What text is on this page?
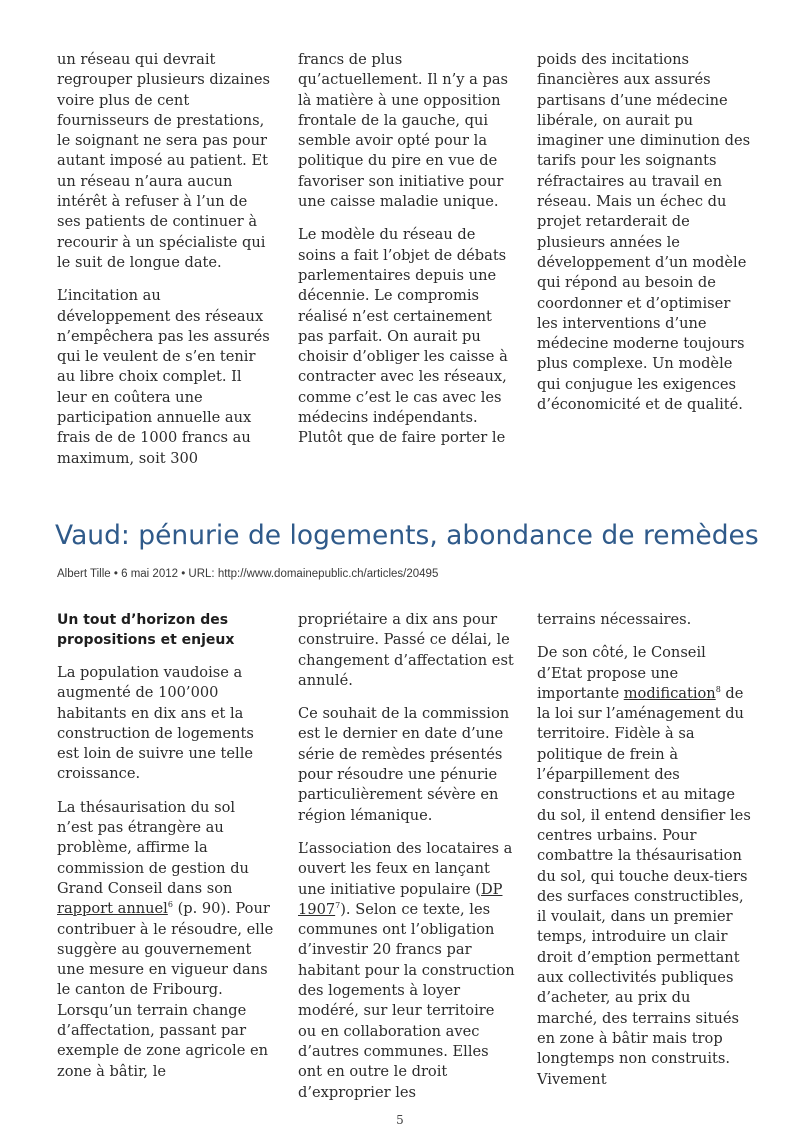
un réseau qui devrait regrouper plusieurs dizaines voire plus de cent fournisseurs de prestations, le soignant ne sera pas pour autant imposé au patient. Et un réseau n’aura aucun intérêt à refuser à l’un de ses patients de continuer à recourir à un spécialiste qui le suit de longue date.

L’incitation au développement des réseaux n’empêchera pas les assurés qui le veulent de s’en tenir au libre choix complet. Il leur en coûtera une participation annuelle aux frais de de 1000 francs au maximum, soit 300

francs de plus qu’actuellement. Il n’y a pas là matière à une opposition frontale de la gauche, qui semble avoir opté pour la politique du pire en vue de favoriser son initiative pour une caisse maladie unique.

Le modèle du réseau de soins a fait l’objet de débats parlementaires depuis une décennie. Le compromis réalisé n’est certainement pas parfait. On aurait pu choisir d’obliger les caisse à contracter avec les réseaux, comme c’est le cas avec les médecins indépendants. Plutôt que de faire porter le

poids des incitations financières aux assurés partisans d’une médecine libérale, on aurait pu imaginer une diminution des tarifs pour les soignants réfractaires au travail en réseau. Mais un échec du projet retarderait de plusieurs années le développement d’un modèle qui répond au besoin de coordonner et d’optimiser les interventions d’une médecine moderne toujours plus complexe. Un modèle qui conjugue les exigences d’économicité et de qualité.

Vaud: pénurie de logements, abondance de remèdes
Albert Tille • 6 mai 2012 • URL: http://www.domainepublic.ch/articles/20495
Un tout d’horizon des propositions et enjeux

La population vaudoise a augmenté de 100’000 habitants en dix ans et la construction de logements est loin de suivre une telle croissance.

La thésaurisation du sol n’est pas étrangère au problème, affirme la commission de gestion du Grand Conseil dans son rapport annuel$^6$ (p. 90). Pour contribuer à le résoudre, elle suggère au gouvernement une mesure en vigueur dans le canton de Fribourg. Lorsqu’un terrain change d’affectation, passant par exemple de zone agricole en zone à bâtir, le

propriétaire a dix ans pour construire. Passé ce délai, le changement d’affectation est annulé.

Ce souhait de la commission est le dernier en date d’une série de remèdes présentés pour résoudre une pénurie particulièrement sévère en région lémanique.

L’association des locataires a ouvert les feux en lançant une initiative populaire (DP 1907$^7$). Selon ce texte, les communes ont l’obligation d’investir 20 francs par habitant pour la construction des logements à loyer modéré, sur leur territoire ou en collaboration avec d’autres communes. Elles ont en outre le droit d’exproprier les

terrains nécessaires.

De son côté, le Conseil d’Etat propose une importante modification$^8$ de la loi sur l’aménagement du territoire. Fidèle à sa politique de frein à l’éparpillement des constructions et au mitage du sol, il entend densifier les centres urbains. Pour combattre la thésaurisation du sol, qui touche deux-tiers des surfaces constructibles, il voulait, dans un premier temps, introduire un clair droit d’emption permettant aux collectivités publiques d’acheter, au prix du marché, des terrains situés en zone à bâtir mais trop longtemps non construits. Vivement

5
